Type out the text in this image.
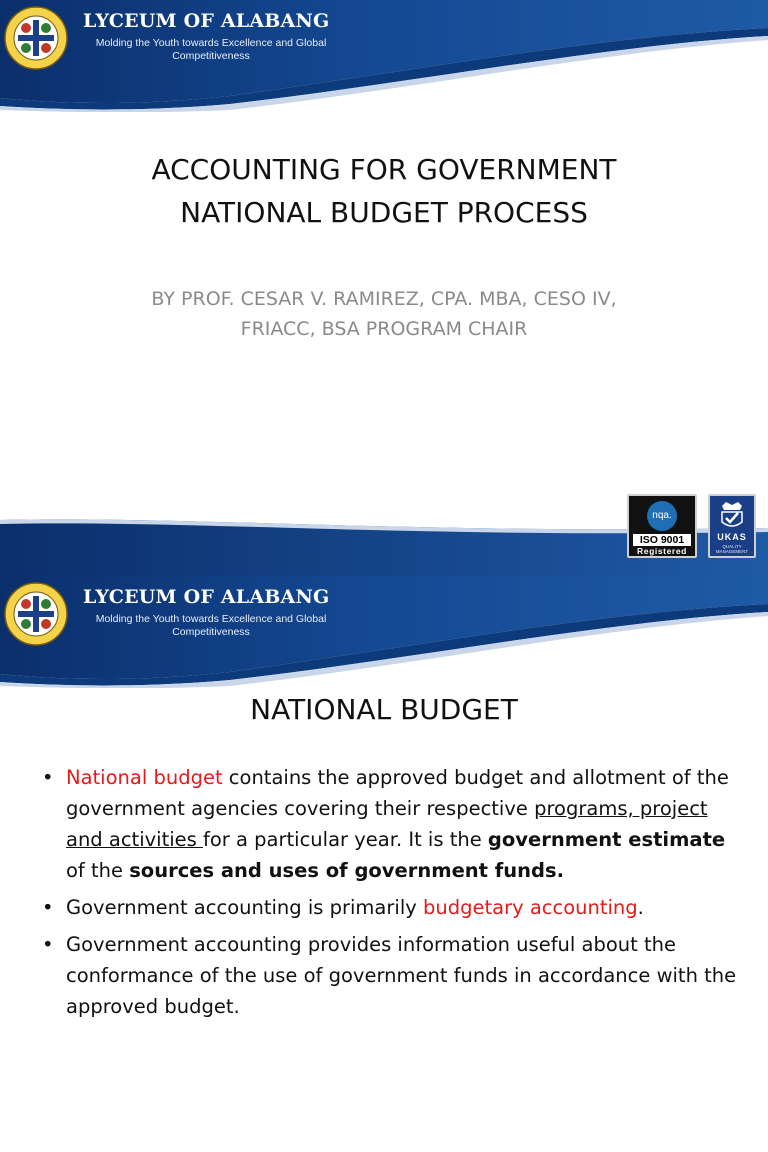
LYCEUM OF ALABANG
Molding the Youth towards Excellence and Global Competitiveness
ACCOUNTING FOR GOVERNMENT
NATIONAL BUDGET PROCESS
BY PROF. CESAR V. RAMIREZ, CPA. MBA, CESO IV,
FRIACC, BSA PROGRAM CHAIR
nqa.
ISO 9001
Registered
UKAS
QUALITY MANAGEMENT
LYCEUM OF ALABANG
Molding the Youth towards Excellence and Global Competitiveness
NATIONAL BUDGET
• National budget contains the approved budget and allotment of the government agencies covering their respective programs, project and activities for a particular year. It is the government estimate of the sources and uses of government funds.
• Government accounting is primarily budgetary accounting.
• Government accounting provides information useful about the conformance of the use of government funds in accordance with the approved budget.
